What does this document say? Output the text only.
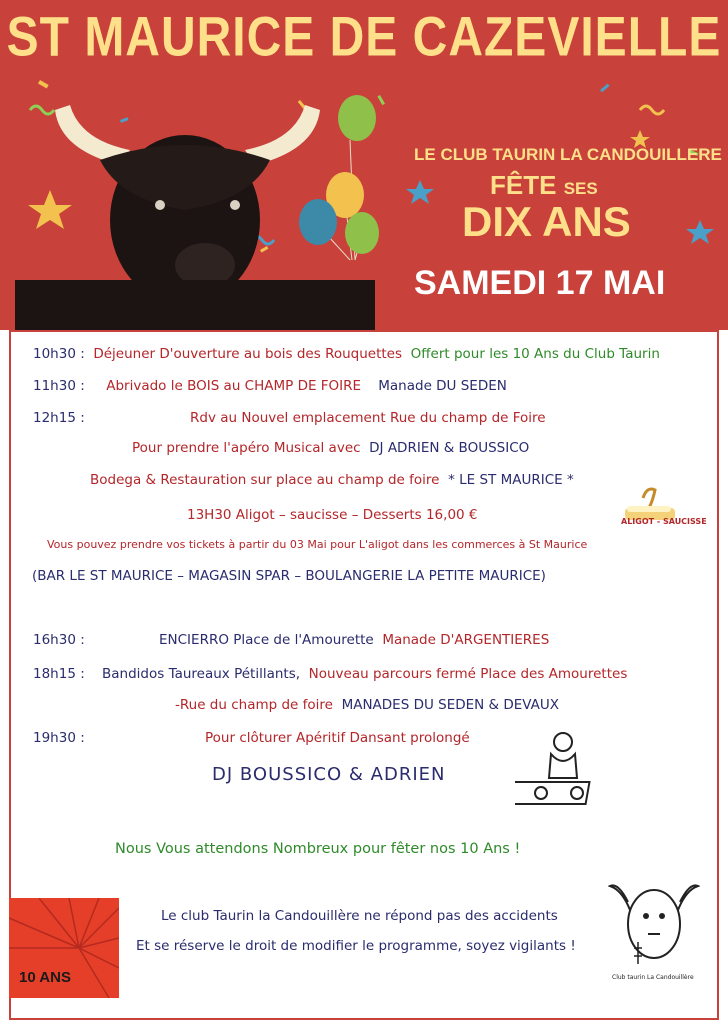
ST MAURICE DE CAZEVIELLE
LE CLUB TAURIN LA CANDOUILLERE
FÊTE SES
DIX ANS
SAMEDI 17 MAI
10h30 : Déjeuner D'ouverture au bois des Rouquettes Offert pour les 10 Ans du Club Taurin
11h30 : Abrivado le BOIS au CHAMP DE FOIRE Manade DU SEDEN
12h15 :	Rdv au Nouvel emplacement Rue du champ de Foire
Pour prendre l'apéro Musical avec DJ ADRIEN & BOUSSICO
Bodega & Restauration sur place au champ de foire * LE ST MAURICE *
13H30 Aligot – saucisse – Desserts 16,00 €	ALIGOT - SAUCISSE
Vous pouvez prendre vos tickets à partir du 03 Mai pour L'aligot dans les commerces à St Maurice
(BAR LE ST MAURICE – MAGASIN SPAR – BOULANGERIE LA PETITE MAURICE)
16h30 :	ENCIERRO Place de l'Amourette Manade D'ARGENTIERES
18h15 : Bandidos Taureaux Pétillants, Nouveau parcours fermé Place des Amourettes
-Rue du champ de foire MANADES DU SEDEN & DEVAUX
19h30 :	Pour clôturer Apéritif Dansant prolongé
DJ BOUSSICO & ADRIEN
Nous Vous attendons Nombreux pour fêter nos 10 Ans !
Le club Taurin la Candouillère ne répond pas des accidents
Et se réserve le droit de modifier le programme, soyez vigilants !
10 ANS	Club taurin La Candouillère
